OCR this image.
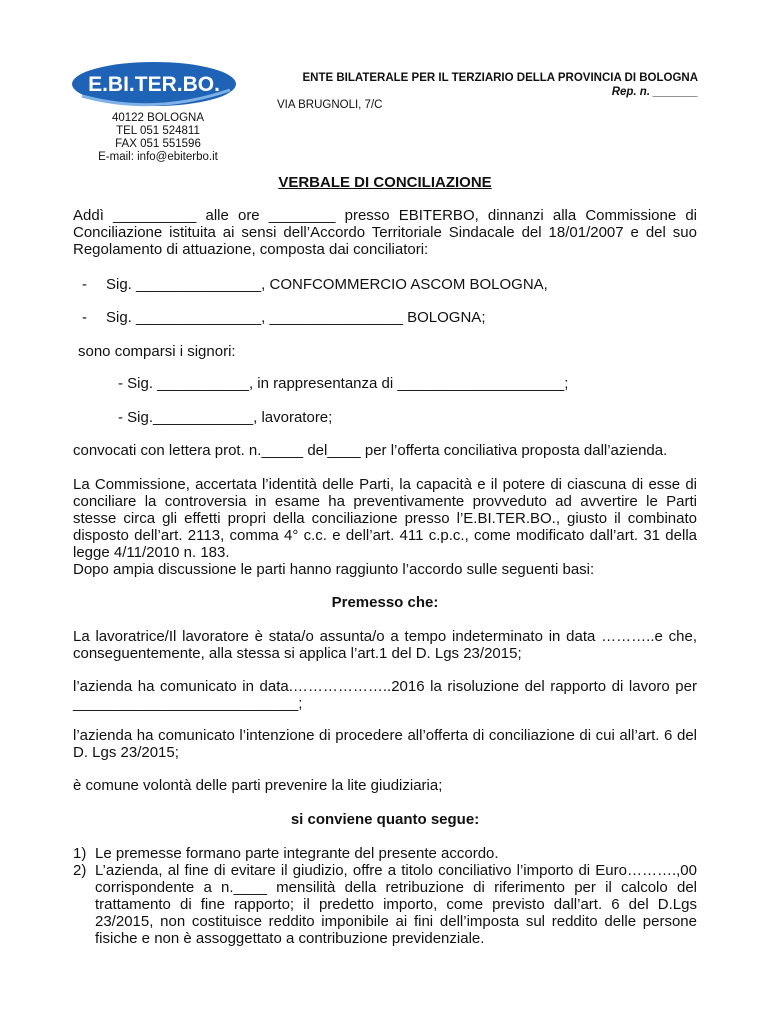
E.BI.TER.BO.
40122 BOLOGNA
TEL 051 524811
FAX 051 551596
E-mail: info@ebiterbo.it
ENTE BILATERALE PER IL TERZIARIO DELLA PROVINCIA DI BOLOGNA
Rep. n. _______
VIA BRUGNOLI, 7/C
VERBALE DI CONCILIAZIONE
Addì __________ alle ore ________ presso EBITERBO, dinnanzi alla Commissione di Conciliazione istituita ai sensi dell’Accordo Territoriale Sindacale del 18/01/2007 e del suo Regolamento di attuazione, composta dai conciliatori:
- Sig. _______________, CONFCOMMERCIO ASCOM BOLOGNA,
- Sig. _______________, ________________ BOLOGNA;
sono comparsi i signori:
- Sig. ___________, in rappresentanza di ____________________;
- Sig.____________, lavoratore;
convocati con lettera prot. n._____ del____ per l’offerta conciliativa proposta dall’azienda.
La Commissione, accertata l’identità delle Parti, la capacità e il potere di ciascuna di esse di conciliare la controversia in esame ha preventivamente provveduto ad avvertire le Parti stesse circa gli effetti propri della conciliazione presso l’E.BI.TER.BO., giusto il combinato disposto dell’art. 2113, comma 4° c.c. e dell’art. 411 c.p.c., come modificato dall’art. 31 della legge 4/11/2010 n. 183.
Dopo ampia discussione le parti hanno raggiunto l’accordo sulle seguenti basi:
Premesso che:
La lavoratrice/Il lavoratore è stata/o assunta/o a tempo indeterminato in data ………..e che, conseguentemente, alla stessa si applica l’art.1 del D. Lgs 23/2015;
l’azienda ha comunicato in data.………………..2016 la risoluzione del rapporto di lavoro per ___________________________;
l’azienda ha comunicato l’intenzione di procedere all’offerta di conciliazione di cui all’art. 6 del D. Lgs 23/2015;
è comune volontà delle parti prevenire la lite giudiziaria;
si conviene quanto segue:
1) Le premesse formano parte integrante del presente accordo.
2) L’azienda, al fine di evitare il giudizio, offre a titolo conciliativo l’importo di Euro……….,00 corrispondente a n.____ mensilità della retribuzione di riferimento per il calcolo del trattamento di fine rapporto; il predetto importo, come previsto dall’art. 6 del D.Lgs 23/2015, non costituisce reddito imponibile ai fini dell’imposta sul reddito delle persone fisiche e non è assoggettato a contribuzione previdenziale.
